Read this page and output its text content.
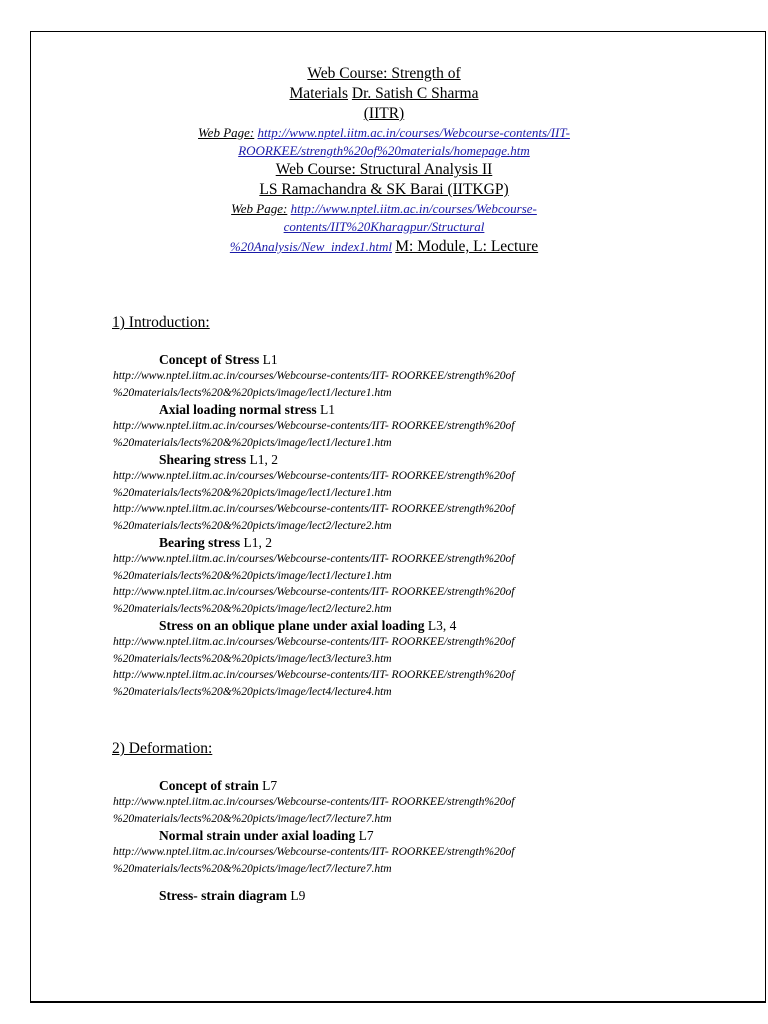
Web Course: Strength of
Materials Dr. Satish C Sharma
(IITR)
Web Page: http://www.nptel.iitm.ac.in/courses/Webcourse-contents/IIT-
ROORKEE/strength%20of%20materials/homepage.htm
Web Course: Structural Analysis II
LS Ramachandra & SK Barai (IITKGP)
Web Page: http://www.nptel.iitm.ac.in/courses/Webcourse-
contents/IIT%20Kharagpur/Structural
%20Analysis/New_index1.html M: Module, L: Lecture
1) Introduction:
Concept of Stress L1
http://www.nptel.iitm.ac.in/courses/Webcourse-contents/IIT- ROORKEE/strength%20of
%20materials/lects%20&%20picts/image/lect1/lecture1.htm
Axial loading normal stress L1
http://www.nptel.iitm.ac.in/courses/Webcourse-contents/IIT- ROORKEE/strength%20of
%20materials/lects%20&%20picts/image/lect1/lecture1.htm
Shearing stress L1, 2
http://www.nptel.iitm.ac.in/courses/Webcourse-contents/IIT- ROORKEE/strength%20of
%20materials/lects%20&%20picts/image/lect1/lecture1.htm
http://www.nptel.iitm.ac.in/courses/Webcourse-contents/IIT- ROORKEE/strength%20of
%20materials/lects%20&%20picts/image/lect2/lecture2.htm
Bearing stress L1, 2
http://www.nptel.iitm.ac.in/courses/Webcourse-contents/IIT- ROORKEE/strength%20of
%20materials/lects%20&%20picts/image/lect1/lecture1.htm
http://www.nptel.iitm.ac.in/courses/Webcourse-contents/IIT- ROORKEE/strength%20of
%20materials/lects%20&%20picts/image/lect2/lecture2.htm
Stress on an oblique plane under axial loading L3, 4
http://www.nptel.iitm.ac.in/courses/Webcourse-contents/IIT- ROORKEE/strength%20of
%20materials/lects%20&%20picts/image/lect3/lecture3.htm
http://www.nptel.iitm.ac.in/courses/Webcourse-contents/IIT- ROORKEE/strength%20of
%20materials/lects%20&%20picts/image/lect4/lecture4.htm
2) Deformation:
Concept of strain L7
http://www.nptel.iitm.ac.in/courses/Webcourse-contents/IIT- ROORKEE/strength%20of
%20materials/lects%20&%20picts/image/lect7/lecture7.htm
Normal strain under axial loading L7
http://www.nptel.iitm.ac.in/courses/Webcourse-contents/IIT- ROORKEE/strength%20of
%20materials/lects%20&%20picts/image/lect7/lecture7.htm
Stress- strain diagram L9
